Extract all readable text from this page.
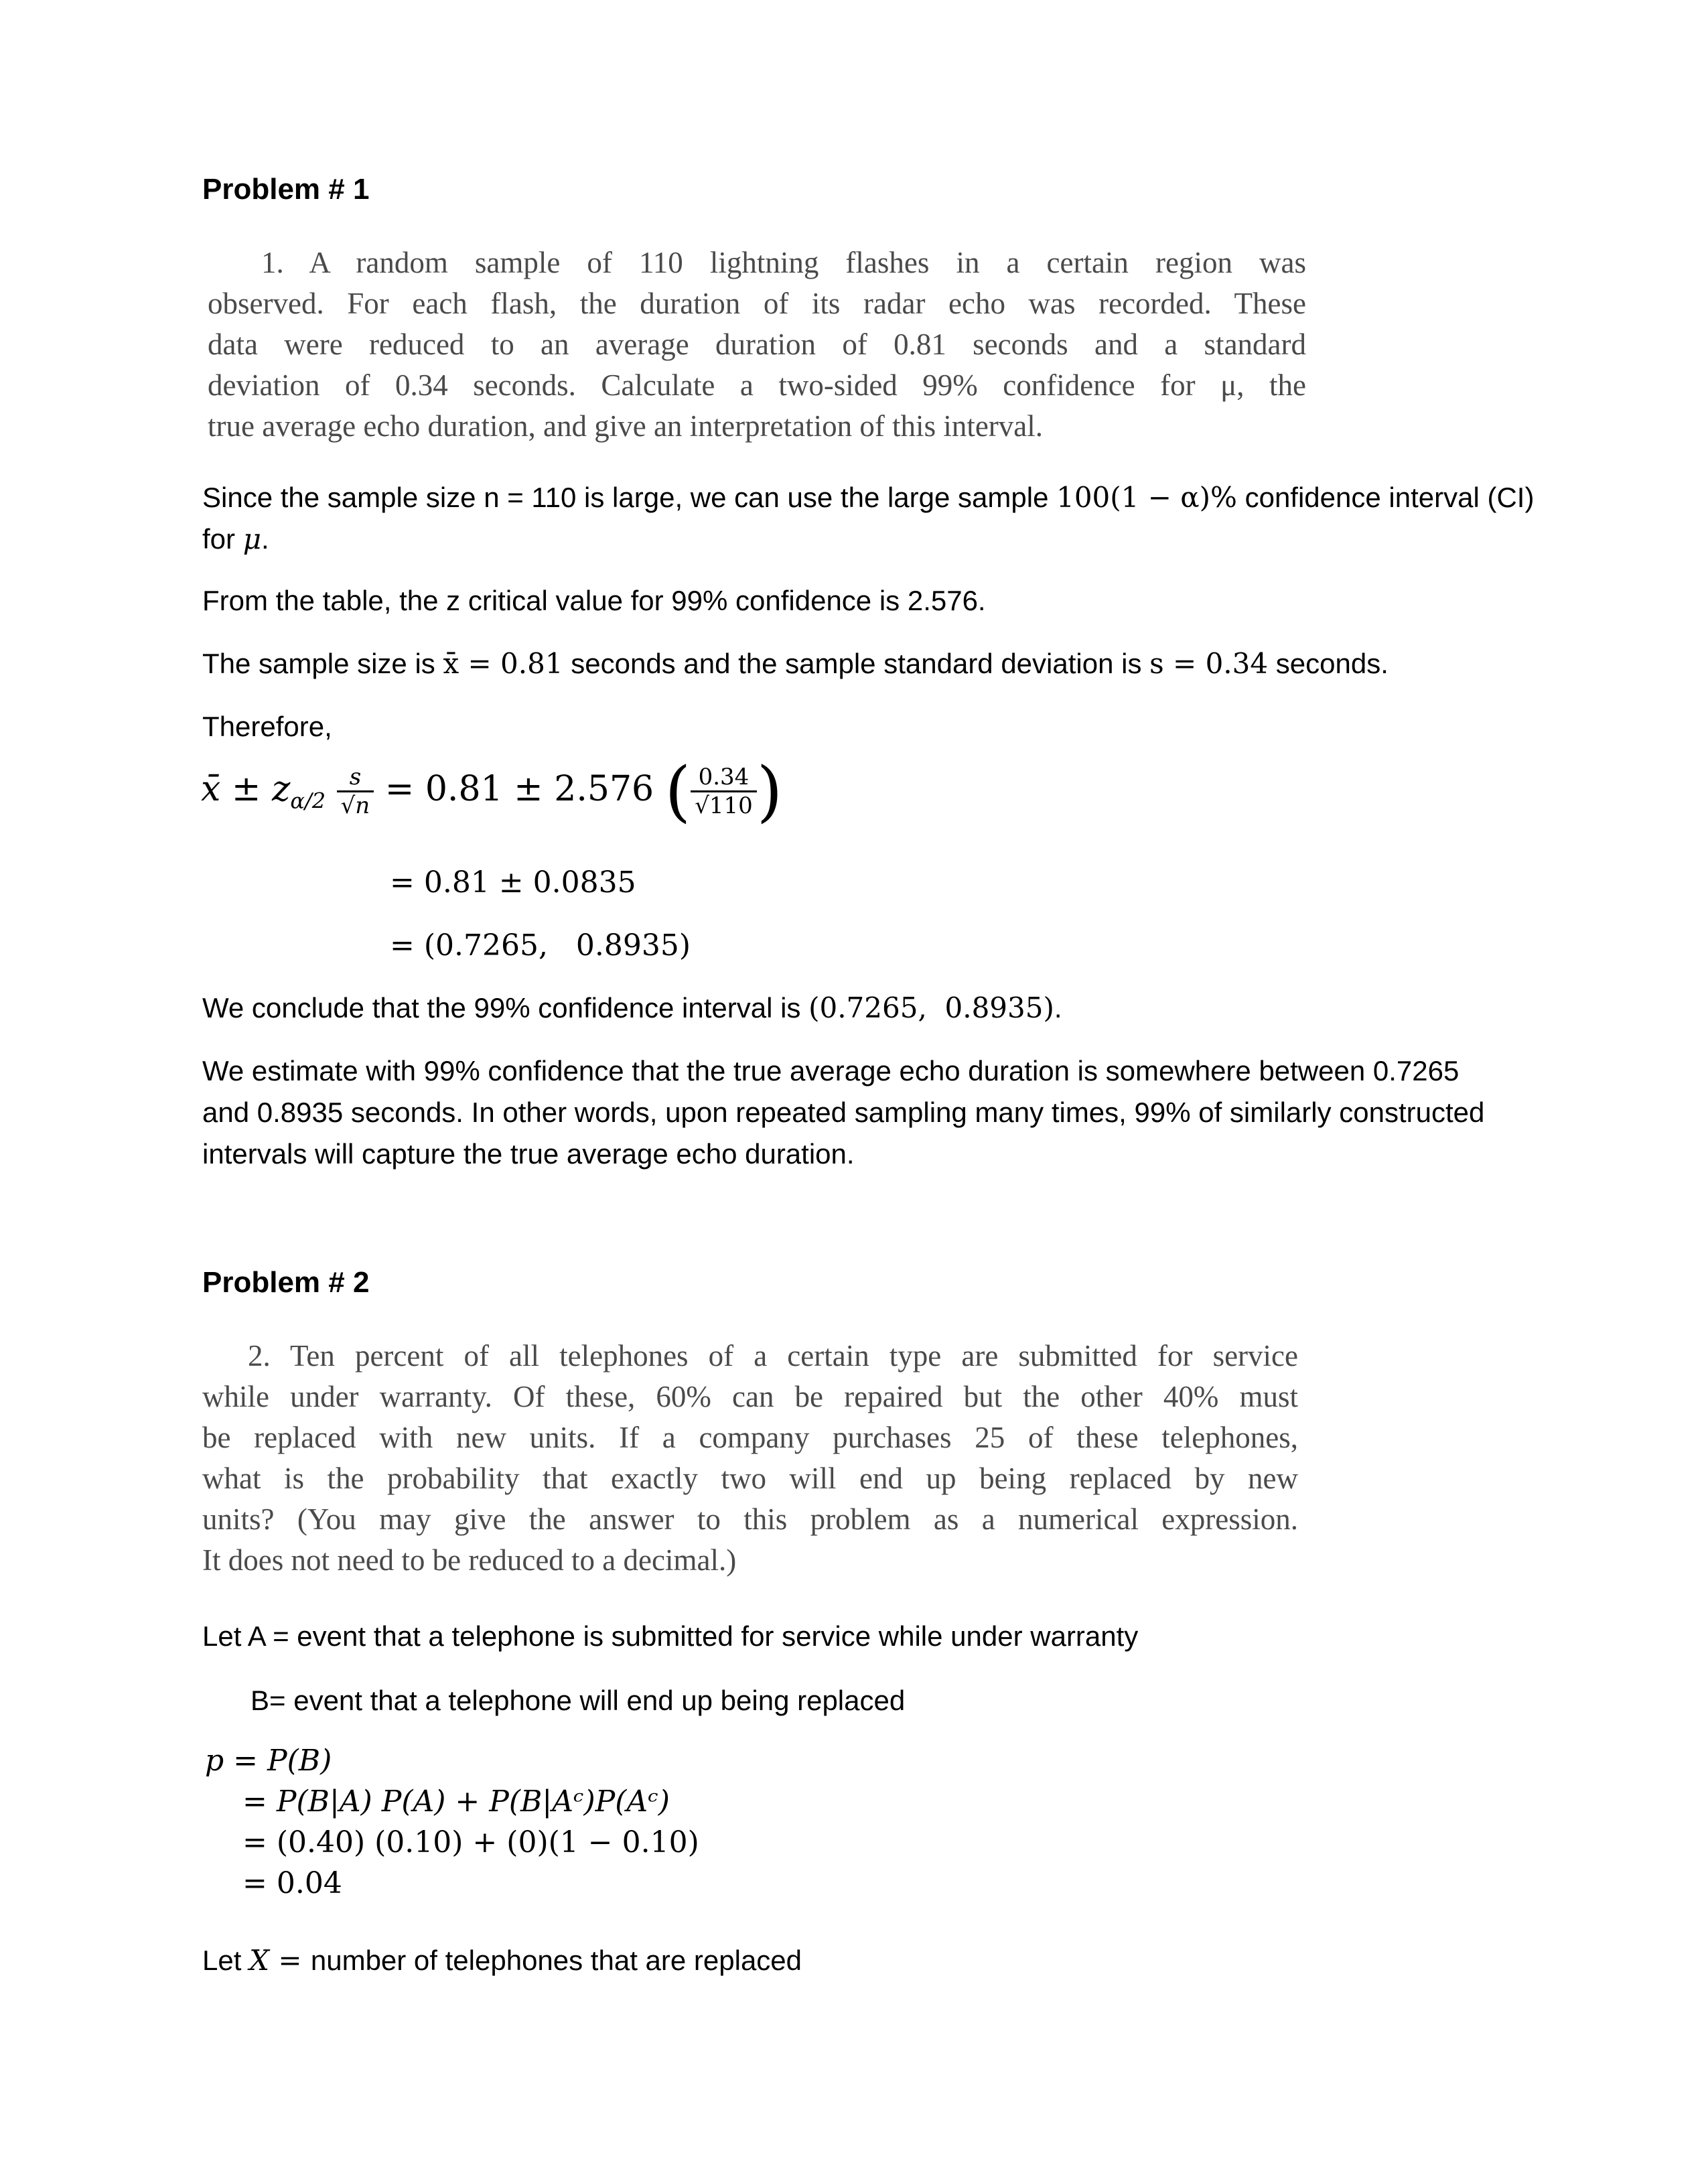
Problem # 1
1. A random sample of 110 lightning flashes in a certain region was
observed. For each flash, the duration of its radar echo was recorded. These
data were reduced to an average duration of 0.81 seconds and a standard
deviation of 0.34 seconds. Calculate a two-sided 99% confidence for μ, the
true average echo duration, and give an interpretation of this interval.
Since the sample size n = 110 is large, we can use the large sample 100(1 − α)% confidence interval (CI)
for μ.
From the table, the z critical value for 99% confidence is 2.576.
The sample size is x̄ = 0.81 seconds and the sample standard deviation is s = 0.34 seconds.
Therefore,
x̄ ± $z_{\alpha/2} \frac{s}{√n} = 0.81 \pm 2.576$ ( $\frac{0.34}{√110}$ )
= 0.81 ± 0.0835
= (0.7265,   0.8935)
We conclude that the 99% confidence interval is (0.7265,  0.8935).
We estimate with 99% confidence that the true average echo duration is somewhere between 0.7265
and 0.8935 seconds. In other words, upon repeated sampling many times, 99% of similarly constructed
intervals will capture the true average echo duration.
Problem # 2
2. Ten percent of all telephones of a certain type are submitted for service
while under warranty. Of these, 60% can be repaired but the other 40% must
be replaced with new units. If a company purchases 25 of these telephones,
what is the probability that exactly two will end up being replaced by new
units? (You may give the answer to this problem as a numerical expression.
It does not need to be reduced to a decimal.)
Let A = event that a telephone is submitted for service while under warranty
B= event that a telephone will end up being replaced
p = P(B)
= P(B|A) P(A) + P(B|Aᶜ)P(Aᶜ)
= (0.40) (0.10) + (0)(1 − 0.10)
= 0.04
Let X = number of telephones that are replaced
